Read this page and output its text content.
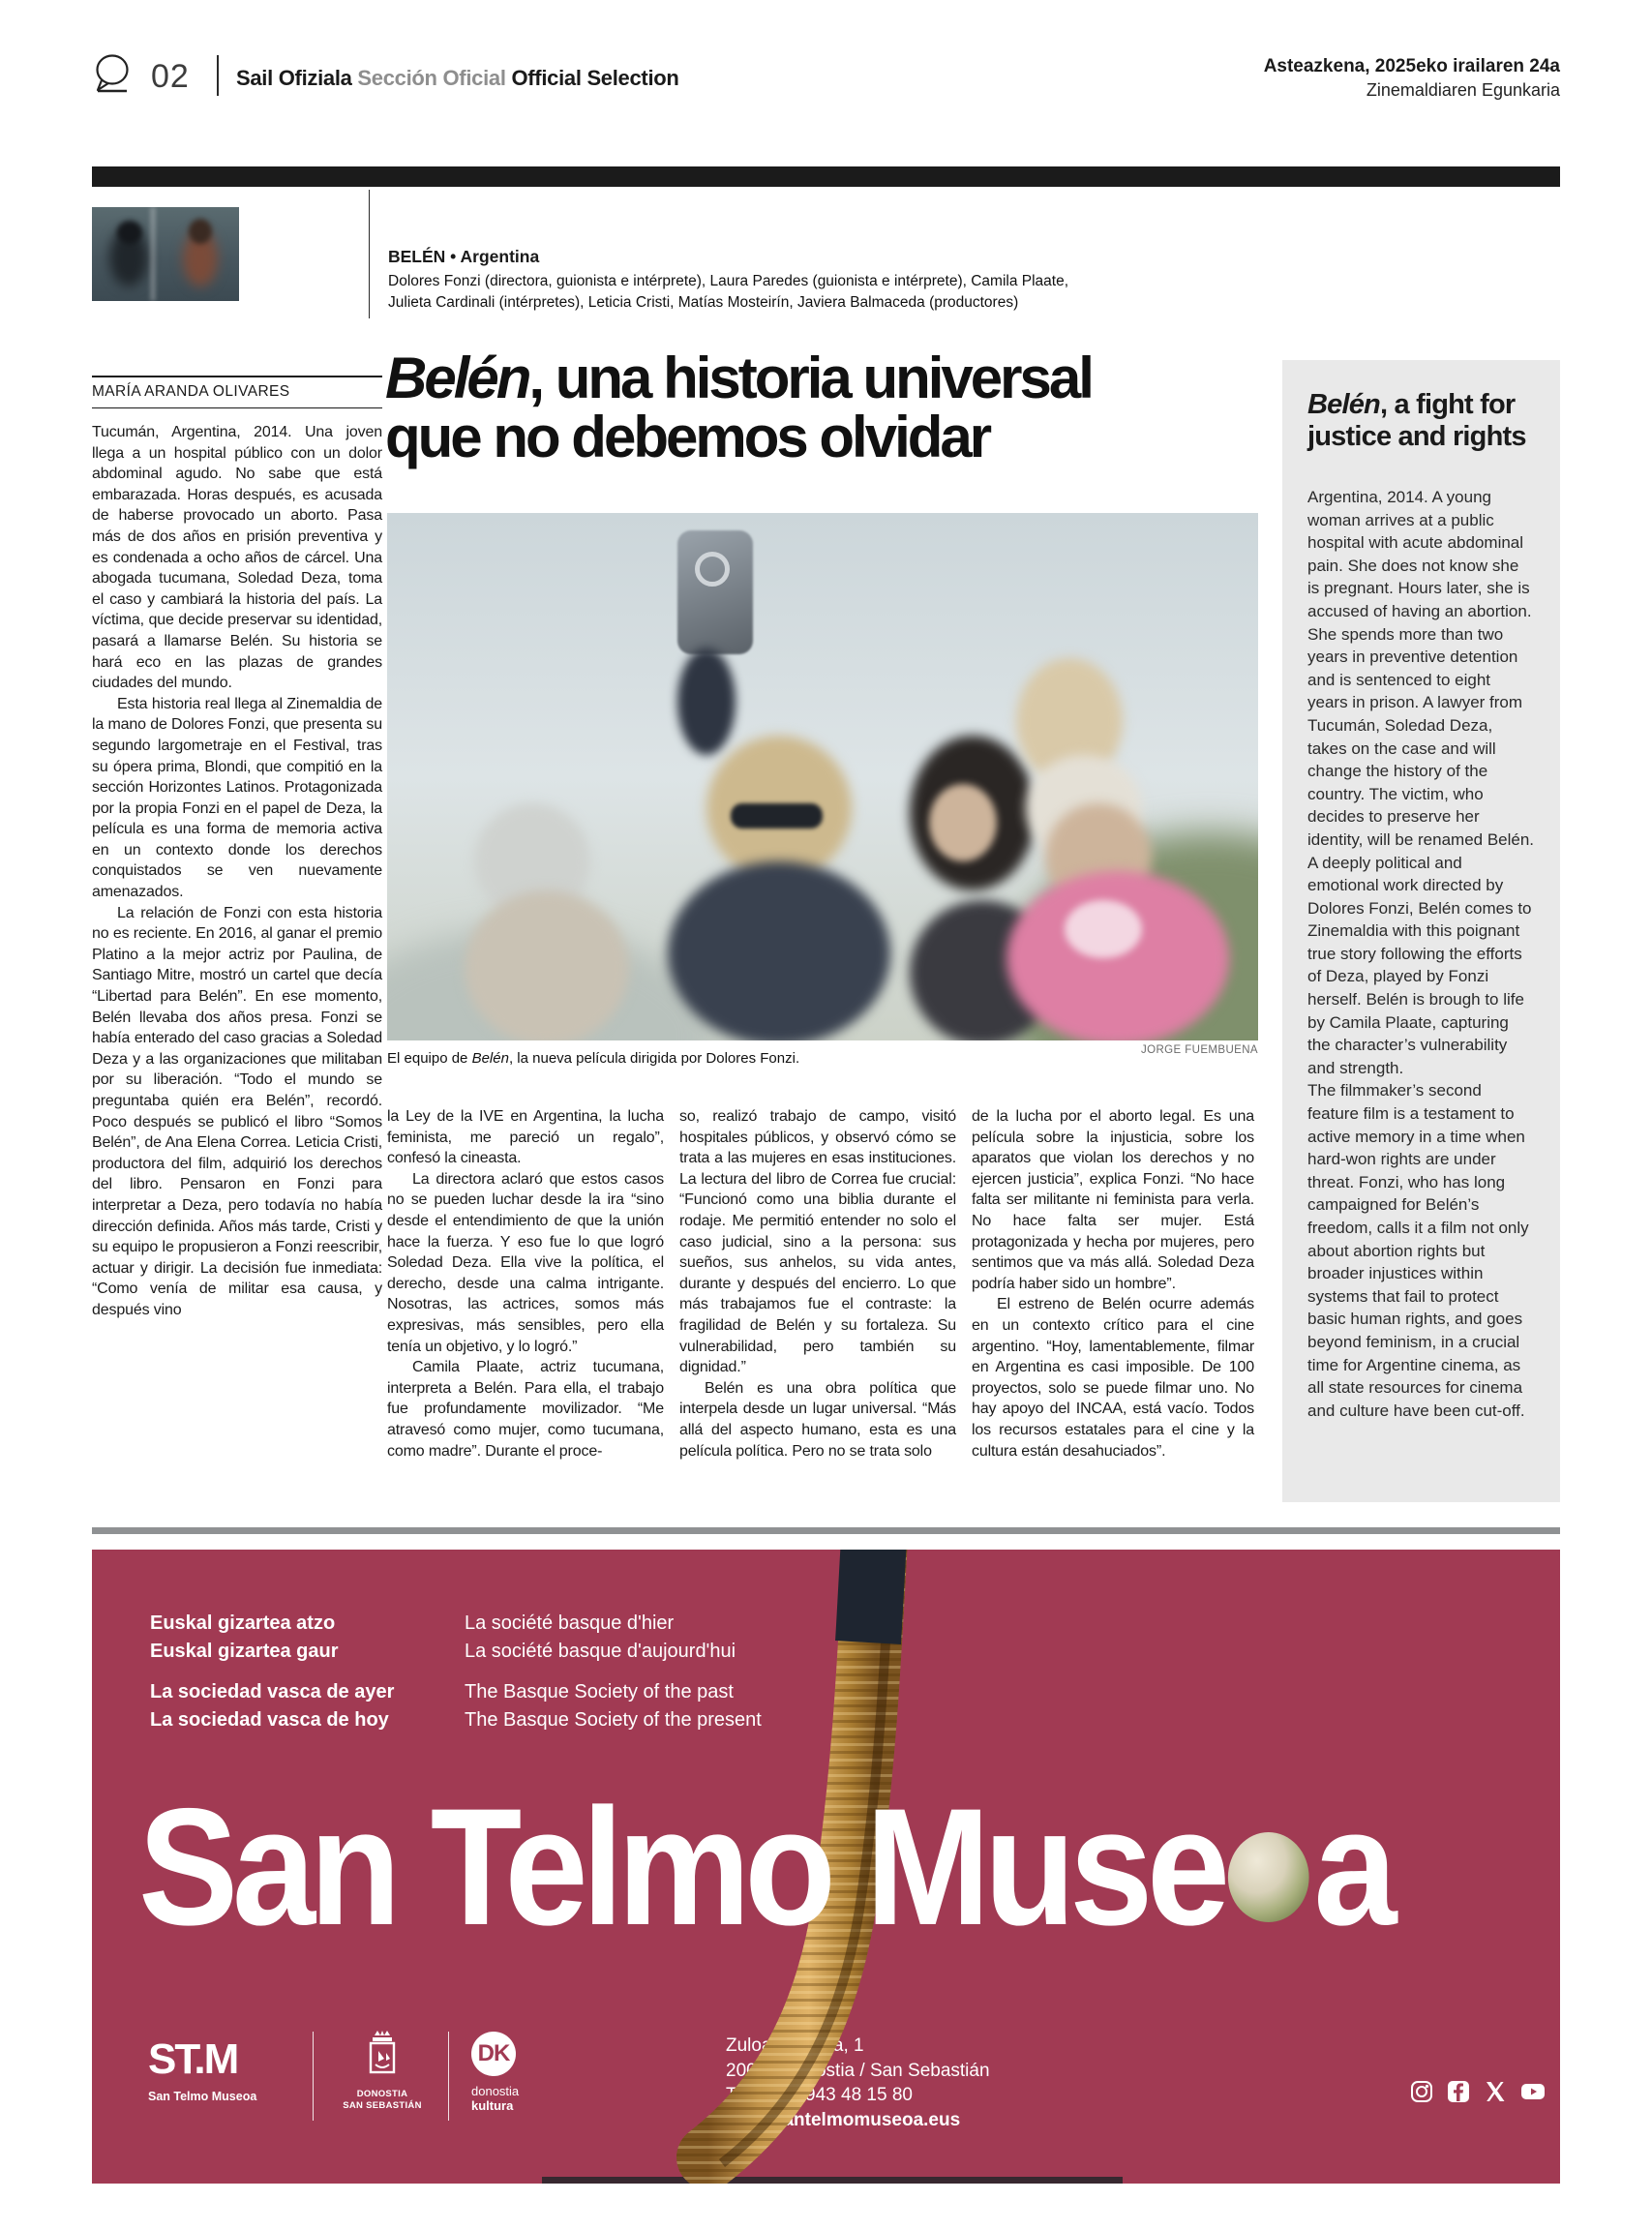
02 Sail Ofiziala Sección Oficial Official Selection	Asteazkena, 2025eko irailaren 24a
Zinemaldiaren Egunkaria
BELÉN • Argentina
Dolores Fonzi (directora, guionista e intérprete), Laura Paredes (guionista e intérprete), Camila Plaate,
Julieta Cardinali (intérpretes), Leticia Cristi, Matías Mosteirín, Javiera Balmaceda (productores)
MARÍA ARANDA OLIVARES

Tucumán, Argentina, 2014. Una joven llega a un hospital público con un dolor abdominal agudo. No sabe que está embarazada. Horas después, es acusada de haberse provocado un aborto. Pasa más de dos años en prisión preventiva y es condenada a ocho años de cárcel. Una abogada tucumana, Soledad Deza, toma el caso y cambiará la historia del país. La víctima, que decide preservar su identidad, pasará a llamarse Belén. Su historia se hará eco en las plazas de grandes ciudades del mundo.

Esta historia real llega al Zinemaldia de la mano de Dolores Fonzi, que presenta su segundo largometraje en el Festival, tras su ópera prima, Blondi, que compitió en la sección Horizontes Latinos. Protagonizada por la propia Fonzi en el papel de Deza, la película es una forma de memoria activa en un contexto donde los derechos conquistados se ven nuevamente amenazados.

La relación de Fonzi con esta historia no es reciente. En 2016, al ganar el premio Platino a la mejor actriz por Paulina, de Santiago Mitre, mostró un cartel que decía “Libertad para Belén”. En ese momento, Belén llevaba dos años presa. Fonzi se había enterado del caso gracias a Soledad Deza y a las organizaciones que militaban por su liberación. “Todo el mundo se preguntaba quién era Belén”, recordó. Poco después se publicó el libro “Somos Belén”, de Ana Elena Correa. Leticia Cristi, productora del film, adquirió los derechos del libro. Pensaron en Fonzi para interpretar a Deza, pero todavía no había dirección definida. Años más tarde, Cristi y su equipo le propusieron a Fonzi reescribir, actuar y dirigir. La decisión fue inmediata: “Como venía de militar esa causa, y después vino

Belén, una historia universal
que no debemos olvidar
JORGE FUEMBUENA
El equipo de Belén, la nueva película dirigida por Dolores Fonzi.

la Ley de la IVE en Argentina, la lucha feminista, me pareció un regalo”, confesó la cineasta.

La directora aclaró que estos casos no se pueden luchar desde la ira “sino desde el entendimiento de que la unión hace la fuerza. Y eso fue lo que logró Soledad Deza. Ella vive la política, el derecho, desde una calma intrigante. Nosotras, las actrices, somos más expresivas, más sensibles, pero ella tenía un objetivo, y lo logró.”

Camila Plaate, actriz tucumana, interpreta a Belén. Para ella, el trabajo fue profundamente movilizador. “Me atravesó como mujer, como tucumana, como madre”. Durante el proce-

so, realizó trabajo de campo, visitó hospitales públicos, y observó cómo se trata a las mujeres en esas instituciones. La lectura del libro de Correa fue crucial: “Funcionó como una biblia durante el rodaje. Me permitió entender no solo el caso judicial, sino a la persona: sus sueños, sus anhelos, su vida antes, durante y después del encierro. Lo que más trabajamos fue el contraste: la fragilidad de Belén y su fortaleza. Su vulnerabilidad, pero también su dignidad.”

Belén es una obra política que interpela desde un lugar universal. “Más allá del aspecto humano, esta es una película política. Pero no se trata solo

de la lucha por el aborto legal. Es una película sobre la injusticia, sobre los aparatos que violan los derechos y no ejercen justicia”, explica Fonzi. “No hace falta ser militante ni feminista para verla. No hace falta ser mujer. Está protagonizada y hecha por mujeres, pero sentimos que va más allá. Soledad Deza podría haber sido un hombre”.

El estreno de Belén ocurre además en un contexto crítico para el cine argentino. “Hoy, lamentablemente, filmar en Argentina es casi imposible. De 100 proyectos, solo se puede filmar uno. No hay apoyo del INCAA, está vacío. Todos los recursos estatales para el cine y la cultura están desahuciados”.

Belén, a fight for justice and rights

Argentina, 2014. A young woman arrives at a public hospital with acute abdominal pain. She does not know she is pregnant. Hours later, she is accused of having an abortion. She spends more than two years in preventive detention and is sentenced to eight years in prison. A lawyer from Tucumán, Soledad Deza, takes on the case and will change the history of the country. The victim, who decides to preserve her identity, will be renamed Belén.

A deeply political and emotional work directed by Dolores Fonzi, Belén comes to Zinemaldia with this poignant true story following the efforts of Deza, played by Fonzi herself. Belén is brough to life by Camila Plaate, capturing the character’s vulnerability and strength.

The filmmaker’s second feature film is a testament to active memory in a time when hard-won rights are under threat. Fonzi, who has long campaigned for Belén’s freedom, calls it a film not only about abortion rights but broader injustices within systems that fail to protect basic human rights, and goes beyond feminism, in a crucial time for Argentine cinema, as all state resources for cinema and culture have been cut-off.

Euskal gizartea atzo

Euskal gizartea gaur

La sociedad vasca de ayer

La sociedad vasca de hoy

La société basque d'hier

La société basque d'aujourd'hui

The Basque Society of the past

The Basque Society of the present

San Telmo Muse a
ST.M
San Telmo Museoa	DONOSTIA
SAN SEBASTIÁN
DK
donostia
kultura
Zuloaga Plaza, 1
20003 Donostia / San Sebastián
T (00 34) 943 48 15 80
www.santelmomuseoa.eus
